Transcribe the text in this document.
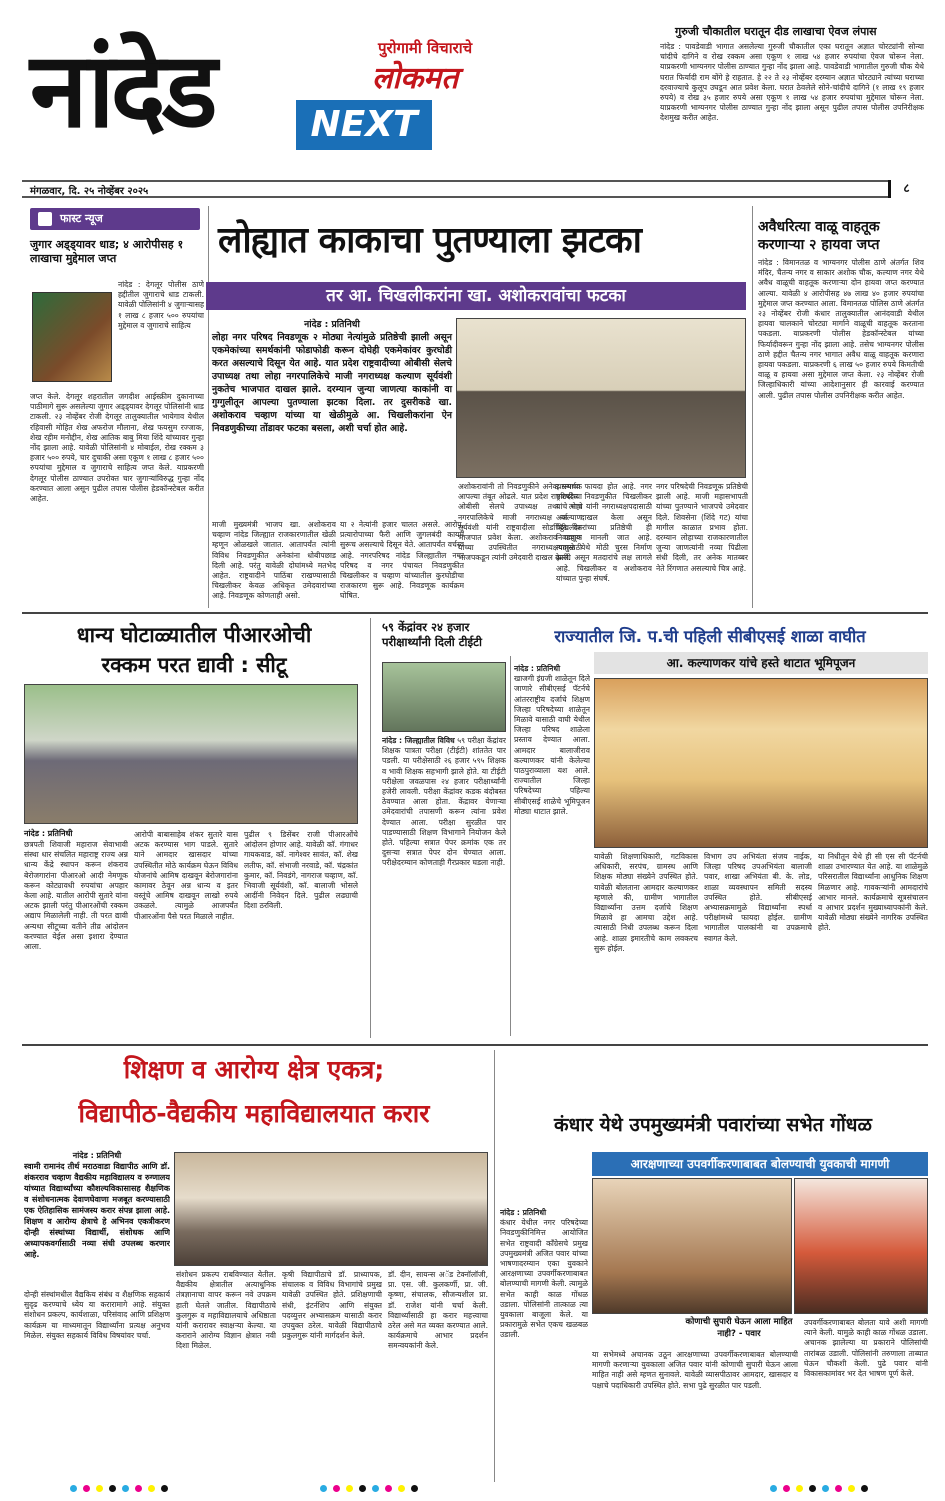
नांदेड	पुरोगामी विचाराचे
लोकमत
NEXT
गुरुजी चौकातील घरातून दीड लाखाचा ऐवज लंपास
नांदेड : पावडेवाडी भागात असलेल्या गुरुजी चौकातील एका घरातून अज्ञात चोरट्यांनी सोन्या चांदीचे दागिने व रोख रक्कम असा एकूण १ लाख ५४ हजार रुपयांचा ऐवज चोरून नेला. याप्रकरणी भाग्यनगर पोलीस ठाण्यात गुन्हा नोंद झाला आहे. पावडेवाडी भागातील गुरुजी चौक येथे घरात फिर्यादी राम बोंगे हे राहतात. हे २२ ते २३ नोव्हेंबर दरम्यान अज्ञात चोरट्याने त्यांच्या घराच्या दरवाज्याचे कुलूप उघडून आत प्रवेश केला. घरात ठेवलेले सोने-चांदीचे दागिने (१ लाख १९ हजार रुपये) व रोख ३५ हजार रुपये असा एकूण १ लाख ५४ हजार रुपयांचा मुद्देमाल चोरून नेला. याप्रकरणी भाग्यनगर पोलीस ठाण्यात गुन्हा नोंद झाला असून पुढील तपास पोलीस उपनिरीक्षक देशमुख करीत आहेत.
मंगळवार, दि. २५ नोव्हेंबर २०२५	८
फास्ट न्यूज
जुगार अड्ड्यावर धाड; ४ आरोपीसह १ लाखाचा मुद्देमाल जप्त
नांदेड : देगलूर पोलीस ठाणे हद्दीतील जुगाराचे धाड टाकली. यावेळी पोलिसांनी ४ जुगाऱ्यासह १ लाख ८ हजार ५०० रुपयांचा मुद्देमाल व जुगाराचे साहित्य
जप्त केले. देगलूर शहरातील जगदीश आईस्क्रीम दुकानाच्या पाठीमागे सुरू असलेल्या जुगार अड्ड्यावर देगलूर पोलिसांनी धाड टाकली. २३ नोव्हेंबर रोजी देगलूर तालुक्यातील भायेगाव येथील रहिवासी मोहित शेख अफरोज मौलाना, शेख फयसुम रज्जाक, शेख रहीम मनोद्दीन, शेख आतिक बाबु मिया शिंदे यांच्यावर गुन्हा नोंद झाला आहे. यावेळी पोलिसांनी ४ मोबाईल, रोख रक्कम ३ हजार ५०० रुपये, चार दुचाकी असा एकूण १ लाख ८ हजार ५०० रुपयांचा मुद्देमाल व जुगाराचे साहित्य जप्त केले. याप्रकरणी देगलूर पोलीस ठाण्यात उपरोक्त चार जुगाऱ्यांविरुद्ध गुन्हा नोंद करण्यात आला असून पुढील तपास पोलीस हेडकॉन्स्टेबल करीत आहेत.
लोह्यात काकाचा पुतण्याला झटका
तर आ. चिखलीकरांना खा. अशोकरावांचा फटका
नांदेड : प्रतिनिधी
लोहा नगर परिषद निवडणूक २ मोठ्या नेत्यांमुळे प्रतिष्ठेची झाली असून एकमेकांच्या समर्थकांनी फोडाफोडी करून दोघेही एकमेकांवर कुरघोडी करत असल्याचे दिसून येत आहे. यात प्रदेश राष्ट्रवादीच्या ओबीसी सेलचे उपाध्यक्ष तथा लोहा नगरपालिकेचे माजी नगराध्यक्ष कल्याण सूर्यवंशी नुकतेच भाजपात दाखल झाले. दरम्यान जुन्या जाणत्या काकांनी वा गुग्गुलीतून आपल्या पुतण्याला झटका दिला. तर दुसरीकडे खा. अशोकराव चव्हाण यांच्या या खेळीमुळे आ. चिखलीकरांना ऐन निवडणुकीच्या तोंडावर फटका बसला, अशी चर्चा होत आहे.
माजी मुख्यमंत्री भाजप खा. अशोकराव चव्हाण नांदेड जिल्ह्यात राजकारणातील खेळी म्हणून ओळखले जातात. आतापर्यंत त्यांनी विविध निवडणुकीत अनेकांना धोबीपछाड दिली आहे. परंतु यावेळी दोघांमध्ये मतभेद आहेत. राष्ट्रवादीने पाठिंबा राखण्यासाठी चिखलीकर केवळ अधिकृत उमेदवारांच्या आहे. निवडणूक कोणताही असो.
या २ नेत्यांनी हजार चालत असले. आरोप, प्रत्यारोपाच्या फैरी आणि जुगलबंदी कायम सुरूच असल्याचे दिसून येते. आतापर्यंत वर्चस्व आहे. नगरपरिषद नांदेड जिल्ह्यातील नगर परिषद व नगर पंचायत निवडणुकीत चिखलीकर व चव्हाण यांच्यातील कुरघोडीचा राजकारण सुरू आहे. निवडणूक कार्यक्रम घोषित.
अशोकरावांनी तो निवडणुकीने अनेक समर्थक आपल्या तंबूत ओढले. यात प्रदेश राष्ट्रवादीच्या ओबीसी सेलचे उपाध्यक्ष तथा लोहा नगरपालिकेचे माजी नगराध्यक्ष कल्याण सूर्यवंशी यांनी राष्ट्रवादीला सोडचिठ्ठी देत भाजपात प्रवेश केला. अशोकराव चव्हाण यांच्या उपस्थितीत नगराध्यक्षपदासाठी भाजपकडून त्यांनी उमेदवारी दाखल केली.
झाल्याचा फायदा होत आहे. नगर परिषदेत निवडणुकीत चिखलीकर यांचे भाचे यांनी नगराध्यक्षपदासाठी अर्ज दाखल केला असून चिखलीकरांच्या प्रतिष्ठेची ही निवडणूक मानली जात आहे. त्यामुळे येथे मोठी चुरस निर्माण झाली असून मतदारांचे लक्ष लागले आहे. चिखलीकर व अशोकराव यांच्यात पुन्हा संघर्ष.
नगर परिषदेची निवडणूक प्रतिष्ठेची झाली आहे. माजी महासभापती यांच्या पुतण्याने भाजपचे उमेदवार दिले. शिवसेना (शिंदे गट) यांचा मागील काळात प्रभाव होता. दरम्यान लोहाच्या राजकारणातील जुन्या जाणत्यांनी नव्या पिढीला संधी दिली, तर अनेक मातब्बर नेते रिंगणात असल्याचे चित्र आहे.
अवैधरित्या वाळू वाहतूक करणाऱ्या २ हायवा जप्त
नांदेड : विमानतळ व भाग्यनगर पोलीस ठाणे अंतर्गत शिव मंदिर, चैतन्य नगर व साकार अशोक चौक, कल्याण नगर येथे अवैध वाळूची वाहतूक करणाऱ्या दोन हायवा जप्त करण्यात आल्या. यावेळी ४ आरोपीसह ४७ लाख ४० हजार रुपयांचा मुद्देमाल जप्त करण्यात आला. विमानतळ पोलिस ठाणे अंतर्गत २३ नोव्हेंबर रोजी कंधार तालुक्यातील आनंदवाडी येथील हायवा चालकाने चोरट्या मार्गाने वाळूची वाहतूक करताना पकडला. याप्रकरणी पोलीस हेडकॉन्स्टेबल यांच्या फिर्यादीवरून गुन्हा नोंद झाला आहे. तसेच भाग्यनगर पोलीस ठाणे हद्दीत चैतन्य नगर भागात अवैध वाळू वाहतूक करणारा हायवा पकडला. याप्रकरणी ६ लाख ५० हजार रुपये किमतीची वाळू व हायवा असा मुद्देमाल जप्त केला. २३ नोव्हेंबर रोजी जिल्हाधिकारी यांच्या आदेशानुसार ही कारवाई करण्यात आली. पुढील तपास पोलीस उपनिरीक्षक करीत आहेत.
धान्य घोटाळ्यातील पीआरओची
रक्कम परत द्यावी : सीटू
नांदेड : प्रतिनिधी
छत्रपती शिवाजी महाराज सेवाभावी संस्था धार संचलित महाराष्ट्र राज्य अन्न धान्य केंद्रे स्थापन करून शंकराव बेरोजगारांना पीआरओ आदी नेमणूक करून कोट्यावधी रुपयांचा अपहार केला आहे. यातील आरोपी सुतारे यांना अटक झाली परंतु पीआरओंची रक्कम अद्याप मिळालेली नाही. ती परत द्यावी अन्यथा सीटूच्या वतीने तीव्र आंदोलन करण्यात येईल असा इशारा देण्यात आला.
आरोपी बाबासाहेब शंकर सुतारे यास अटक करण्यास भाग पाडले. सुतारे याने आमदार खासदार यांच्या उपस्थितीत मोठे कार्यक्रम घेऊन विविध योजनांचे आमिष दाखवून बेरोजगारांना कामावर ठेवून अन्न धान्य व इतर वस्तूंचे आमिष दाखवून लाखो रुपये उकळले. त्यामुळे आजपर्यंत पीआरओंना पैसे परत मिळाले नाहीत.
पुढील ९ डिसेंबर राजी पीआरओंचे आंदोलन होणार आहे. यावेळी कॉ. गंगाधर गायकवाड, कॉ. नागेश्वर सावंत, कॉ. शेख लतीफ, कॉ. संभाजी नरवाडे, कॉ. चंद्रकांत कुमार, कॉ. निवडंगे, नागराज चव्हाण, कॉ. भिवाजी सूर्यवंशी, कॉ. बालाजी भोसले आदींनी निवेदन दिले. पुढील लढ्याची दिशा ठरविली.
५९ केंद्रांवर २४ हजार परीक्षार्थ्यांनी दिली टीईटी
नांदेड : जिल्ह्यातील विविध ५९ परीक्षा केंद्रांवर शिक्षक पात्रता परीक्षा (टीईटी) शांततेत पार पडली. या परीक्षेसाठी २६ हजार ५९५ शिक्षक व भावी शिक्षक सहभागी झाले होते. या टीईटी परीक्षेला जवळपास २४ हजार परीक्षार्थ्यांनी हजेरी लावली. परीक्षा केंद्रांवर कडक बंदोबस्त ठेवण्यात आला होता. केंद्रावर येणाऱ्या उमेदवारांची तपासणी करून त्यांना प्रवेश देण्यात आला. परीक्षा सुरळीत पार पाडण्यासाठी शिक्षण विभागाने नियोजन केले होते. पहिल्या सत्रात पेपर क्रमांक एक तर दुसऱ्या सत्रात पेपर दोन घेण्यात आला. परीक्षेदरम्यान कोणताही गैरप्रकार घडला नाही.
राज्यातील जि. प.ची पहिली सीबीएसई शाळा वाघीत
आ. कल्याणकर यांचे हस्ते थाटात भूमिपूजन
नांदेड : प्रतिनिधी
खाजगी इंग्रजी शाळेतून दिले जाणारे सीबीएसई पॅटर्नचे आंतरराष्ट्रीय दर्जाचे शिक्षण जिल्हा परिषदेच्या शाळेतून मिळावे यासाठी वाघी येथील जिल्हा परिषद शाळेला प्रस्ताव देण्यात आला. आमदार बालाजीराव कल्याणकर यांनी केलेल्या पाठपुराव्याला यश आले. राज्यातील जिल्हा परिषदेच्या पहिल्या सीबीएसई शाळेचे भूमिपूजन मोठ्या थाटात झाले.
यावेळी शिक्षणाधिकारी, गटविकास अधिकारी, सरपंच, ग्रामस्थ आणि शिक्षक मोठ्या संख्येने उपस्थित होते. यावेळी बोलताना आमदार कल्याणकर म्हणाले की, ग्रामीण भागातील विद्यार्थ्यांना उत्तम दर्जाचे शिक्षण मिळावे हा आमचा उद्देश आहे. त्यासाठी निधी उपलब्ध करून दिला आहे. शाळा इमारतीचे काम लवकरच सुरू होईल.
विभाग उप अभियंता संजय नाईक, जिल्हा परिषद उपअभियंता बालाजी पवार, शाखा अभियंता बी. के. लोड, शाळा व्यवस्थापन समिती सदस्य उपस्थित होते. सीबीएसई अभ्यासक्रमामुळे विद्यार्थ्यांना स्पर्धा परीक्षांमध्ये फायदा होईल. ग्रामीण भागातील पालकांनी या उपक्रमाचे स्वागत केले.
या निधीतून येथे ही सी एस सी पॅटर्नची शाळा उभारण्यात येत आहे. या शाळेमुळे परिसरातील विद्यार्थ्यांना आधुनिक शिक्षण मिळणार आहे. गावकऱ्यांनी आमदारांचे आभार मानले. कार्यक्रमाचे सूत्रसंचालन व आभार प्रदर्शन मुख्याध्यापकांनी केले. यावेळी मोठ्या संख्येने नागरिक उपस्थित होते.
शिक्षण व आरोग्य क्षेत्र एकत्र;
विद्यापीठ-वैद्यकीय महाविद्यालयात करार
नांदेड : प्रतिनिधी
स्वामी रामानंद तीर्थ मराठवाडा विद्यापीठ आणि डॉ. शंकरराव चव्हाण वैद्यकीय महाविद्यालय व रुग्णालय यांच्यात विद्यार्थ्यांच्या कौशल्यविकासासह शैक्षणिक व संशोधनात्मक देवाणघेवाणा मजबूत करण्यासाठी एक ऐतिहासिक सामंजस्य करार संपन्न झाला आहे. शिक्षण व आरोग्य क्षेत्राचे हे अभिनव एकत्रीकरण दोन्ही संस्थांच्या विद्यार्थी, संशोधक आणि अध्यापकवर्गासाठी नव्या संधी उपलब्ध करणार आहे.
दोन्ही संस्थांमधील वैद्यकिय संबंध व शैक्षणिक सहकार्य सुदृढ करण्याचे ध्येय या करारामागे आहे. संयुक्त संशोधन प्रकल्प, कार्यशाळा, परिसंवाद आणि प्रशिक्षण कार्यक्रम या माध्यमातून विद्यार्थ्यांना प्रत्यक्ष अनुभव मिळेल. संयुक्त सहकार्य विविध विषयांवर चर्चा.
संशोधन प्रकल्प राबविण्यात येतील. वैद्यकीय क्षेत्रातील अत्याधुनिक तंत्रज्ञानाचा वापर करून नवे उपक्रम हाती घेतले जातील. विद्यापीठाचे कुलगुरू व महाविद्यालयाचे अधिष्ठाता यांनी करारावर स्वाक्षऱ्या केल्या. या कराराने आरोग्य विज्ञान क्षेत्रात नवी दिशा मिळेल.
कृषी विद्यापीठाचे डॉ. प्राध्यापक, संचालक व विविध विभागांचे प्रमुख यावेळी उपस्थित होते. प्रशिक्षणाची संधी, इंटर्नशिप आणि संयुक्त पदव्युत्तर अभ्यासक्रम यासाठी करार उपयुक्त ठरेल. यावेळी विद्यापीठाचे प्रकुलगुरू यांनी मार्गदर्शन केले.
डॉ. दीन, सायन्स अॅड टेक्नॉलॉजी, प्रा. एस. जी. कुलकर्णी, प्रा. जी. कृष्णा, संचालक, सौजन्यशील प्रा. डॉ. राजेश यांनी चर्चा केली. विद्यार्थ्यांसाठी हा करार महत्त्वाचा ठरेल असे मत व्यक्त करण्यात आले. कार्यक्रमाचे आभार प्रदर्शन समन्वयकांनी केले.
कंधार येथे उपमुख्यमंत्री पवारांच्या सभेत गोंधळ
आरक्षणाच्या उपवर्गीकरणाबाबत बोलण्याची युवकाची मागणी
कोणाची सुपारी घेऊन आला माहित नाही? - पवार
नांदेड : प्रतिनिधी
कंधार येथील नगर परिषदेच्या निवडणुकीनिमित्त आयोजित सभेत राष्ट्रवादी काँग्रेसचे प्रमुख उपमुख्यमंत्री अजित पवार यांच्या भाषणादरम्यान एका युवकाने आरक्षणाच्या उपवर्गीकरणाबाबत बोलण्याची मागणी केली. त्यामुळे सभेत काही काळ गोंधळ उडाला. पोलिसांनी तात्काळ त्या युवकाला बाजूला केले. या प्रकारामुळे सभेत एकच खळबळ उडाली.
या सभेमध्ये अचानक उठून आरक्षणाच्या उपवर्गीकरणाबाबत बोलण्याची मागणी करणाऱ्या युवकाला अजित पवार यांनी कोणाची सुपारी घेऊन आला माहित नाही असे म्हणत सुनावले. यावेळी व्यासपीठावर आमदार, खासदार व पक्षाचे पदाधिकारी उपस्थित होते. सभा पुढे सुरळीत पार पडली.
उपवर्गीकरणाबाबत बोलता यावे अशी मागणी त्याने केली. यामुळे काही काळ गोंधळ उडाला. अचानक झालेल्या या प्रकाराने पोलिसांची तारांबळ उडाली. पोलिसांनी तरुणाला ताब्यात घेऊन चौकशी केली. पुढे पवार यांनी विकासकामांवर भर देत भाषण पूर्ण केले.
